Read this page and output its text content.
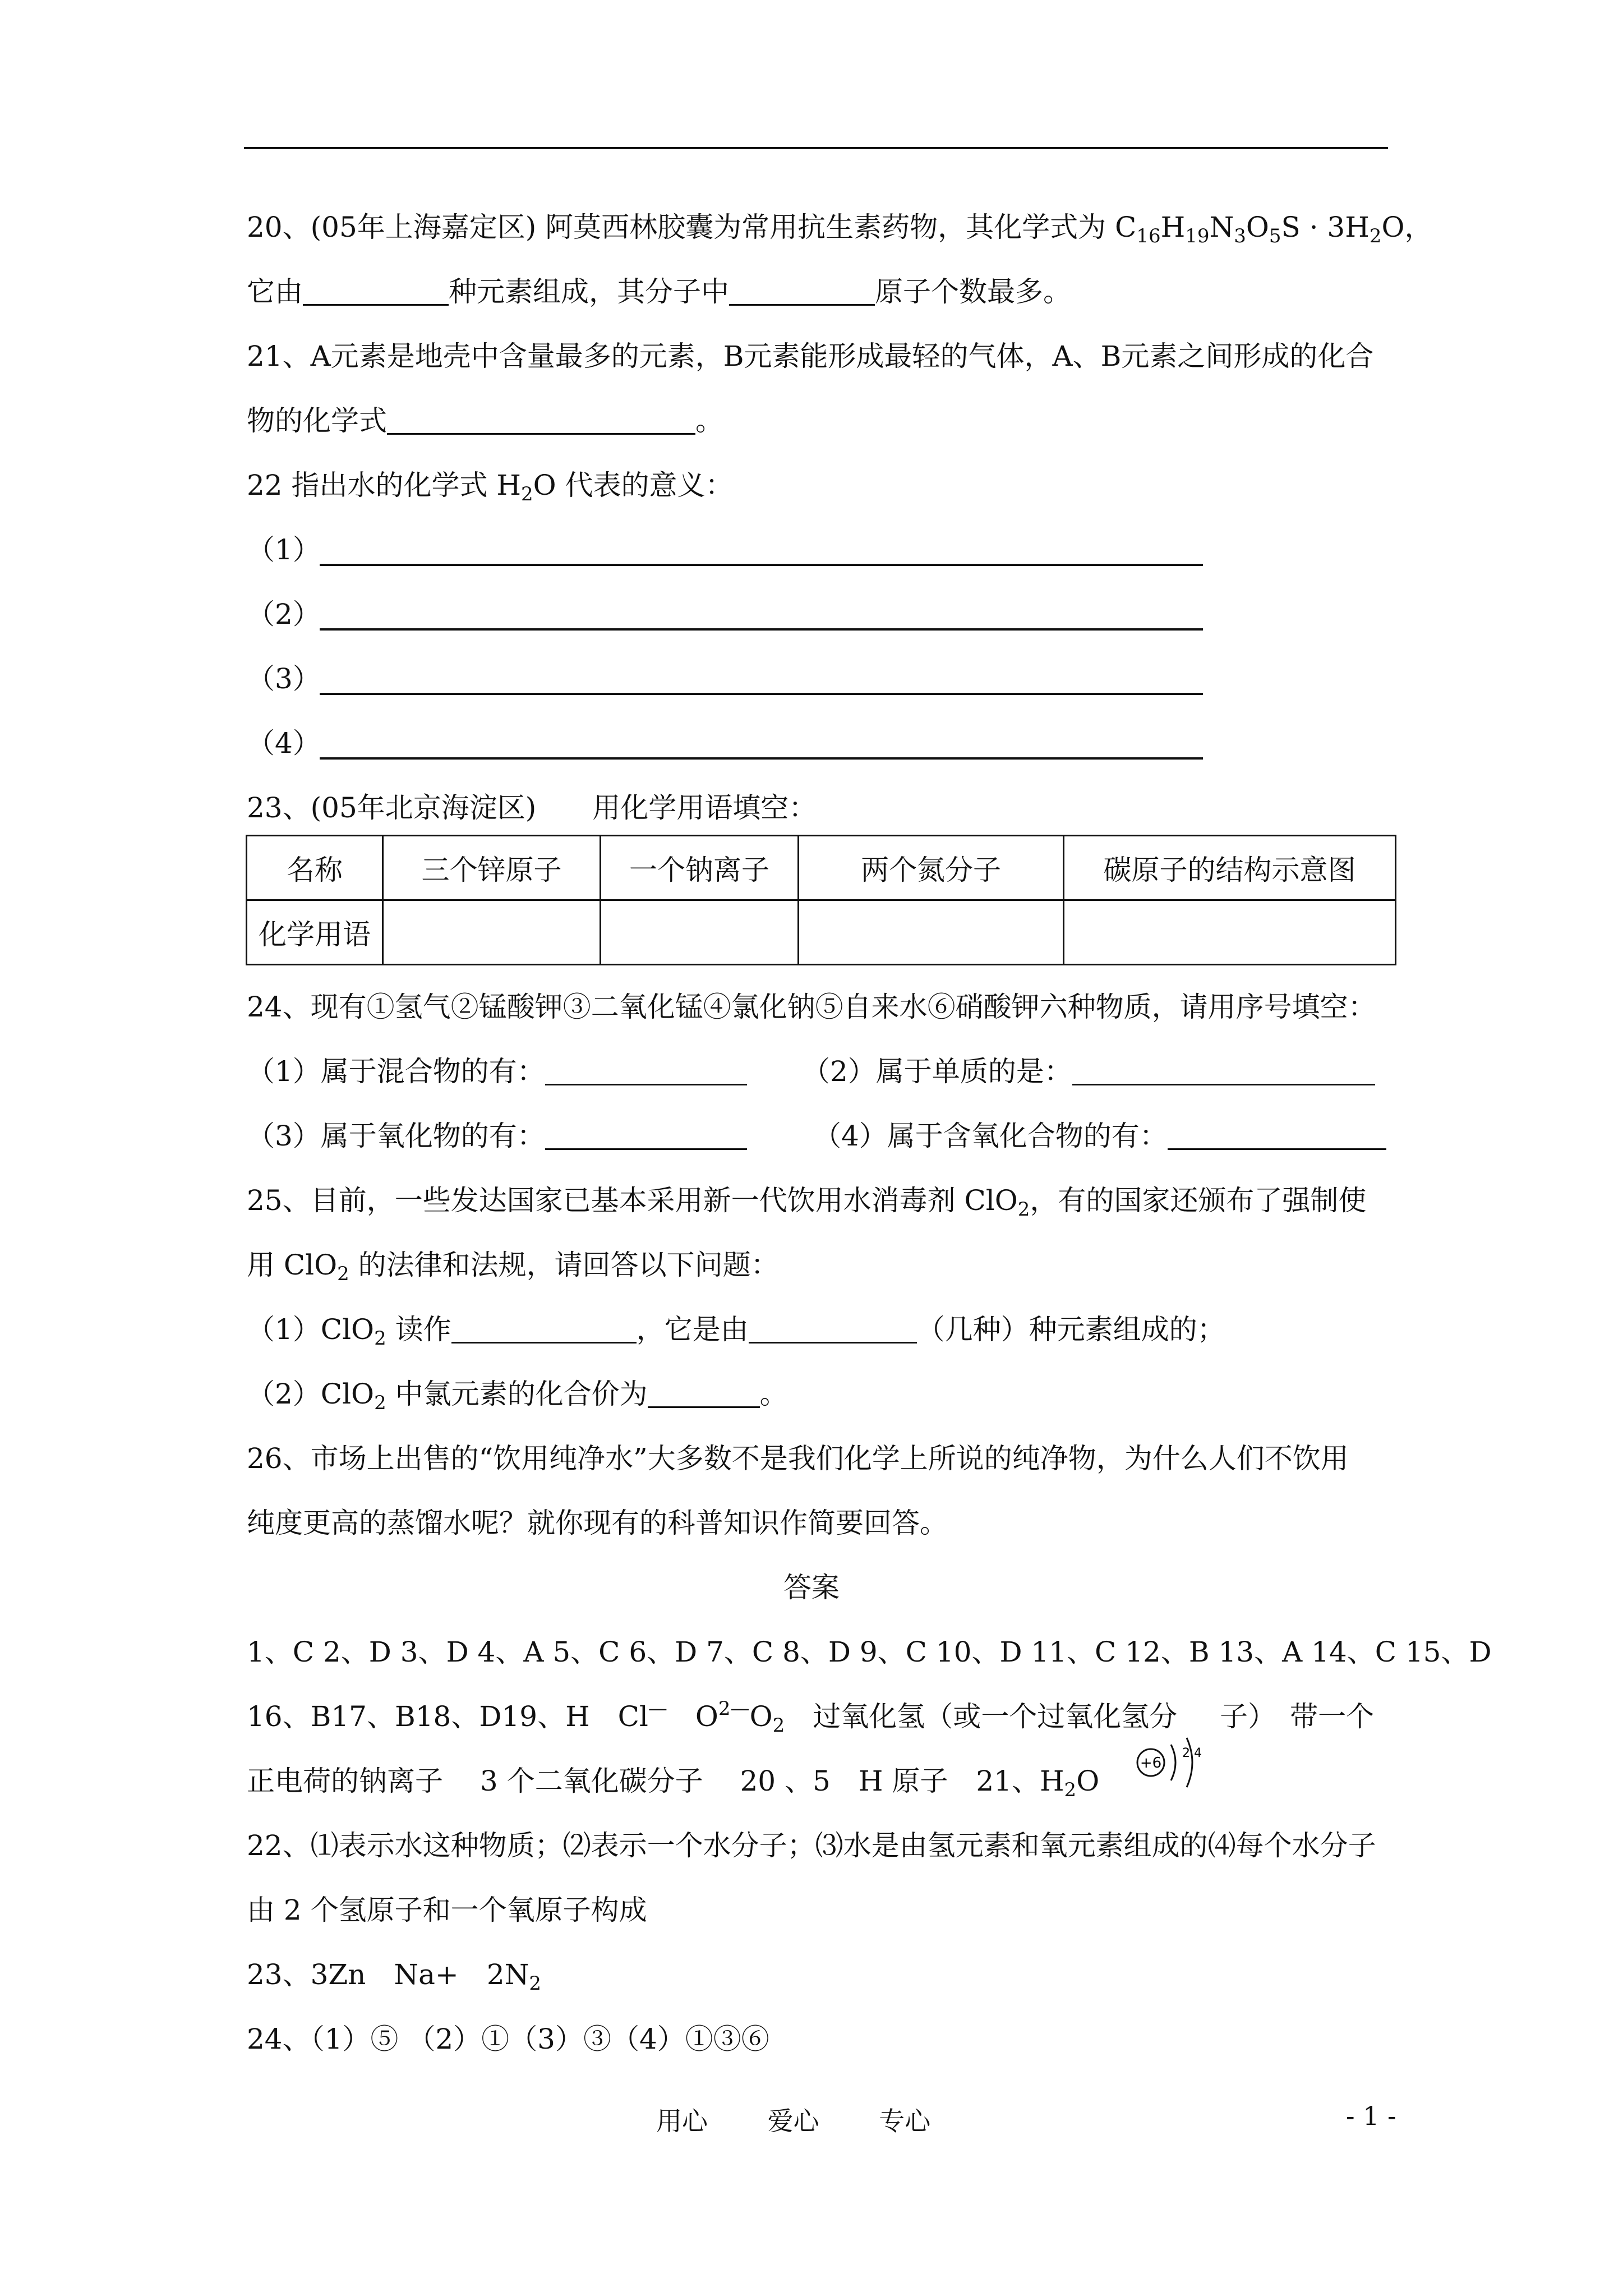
20、(05年上海嘉定区) 阿莫西林胶囊为常用抗生素药物，其化学式为 $C_{16}H_{19}N_3O_5S \cdot 3H_2O$，
它由	种元素组成，其分子中	原子个数最多。
21、A元素是地壳中含量最多的元素，B元素能形成最轻的气体，A、B元素之间形成的化合
物的化学式	。
22 指出水的化学式 $H_2O$ 代表的意义：
（1）
（2）
（3）
（4）
23、(05年北京海淀区)　　用化学用语填空：
名称	三个锌原子	一个钠离子	两个氮分子	碳原子的结构示意图
化学用语				
24、现有①氢气②锰酸钾③二氧化锰④氯化钠⑤自来水⑥硝酸钾六种物质，请用序号填空：
（1）属于混合物的有：	（2）属于单质的是：
（3）属于氧化物的有：	（4）属于含氧化合物的有：
25、目前，一些发达国家已基本采用新一代饮用水消毒剂 ClO$_2$，有的国家还颁布了强制使
用 ClO$_2$ 的法律和法规，请回答以下问题：
（1）ClO$_2$ 读作	，它是由	（几种）种元素组成的；
（2）ClO$_2$ 中氯元素的化合价为	。
26、市场上出售的“饮用纯净水”大多数不是我们化学上所说的纯净物，为什么人们不饮用
纯度更高的蒸馏水呢？就你现有的科普知识作简要回答。
答案
1、C 2、D 3、D 4、A 5、C 6、D 7、C 8、D 9、C 10、D 11、C 12、B 13、A 14、C 15、D
16、B17、B18、D19、H　Cl—　$O^{2—}O_2$　过氧化氢（或一个过氧化氢分 子）　带一个
+6
2 4
正电荷的钠离子　 3 个二氧化碳分子　 20 、5　H 原子　21、$H_2O$
22、⑴表示水这种物质；⑵表示一个水分子；⑶水是由氢元素和氧元素组成的⑷每个水分子
由 2 个氢原子和一个氧原子构成
23、3Zn　Na+　$2N_2$
24、（1）⑤ （2）①（3）③（4）①③⑥
用心　　 爱心　　 专心	- 1 -
